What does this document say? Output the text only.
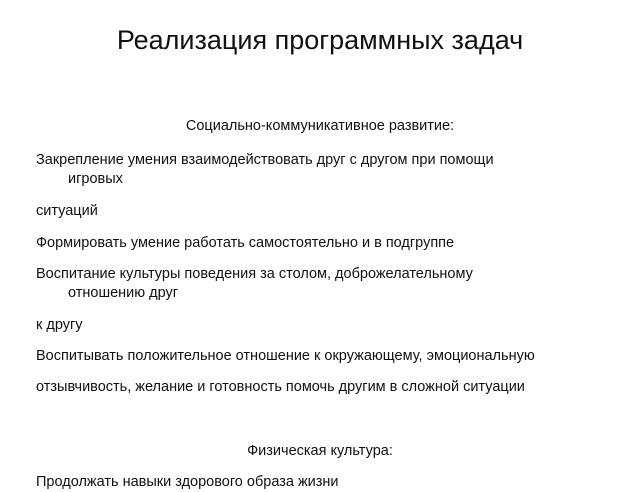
Реализация программных задач
Социально-коммуникативное развитие:
Закрепление умения взаимодействовать друг с другом при помощи
игровых
ситуаций
Формировать умение работать самостоятельно и в подгруппе
Воспитание культуры поведения за столом, доброжелательному
отношению друг
к другу
Воспитывать положительное отношение к окружающему, эмоциональную
отзывчивость, желание и готовность помочь другим в сложной ситуации
Физическая культура:
Продолжать навыки здорового образа жизни
